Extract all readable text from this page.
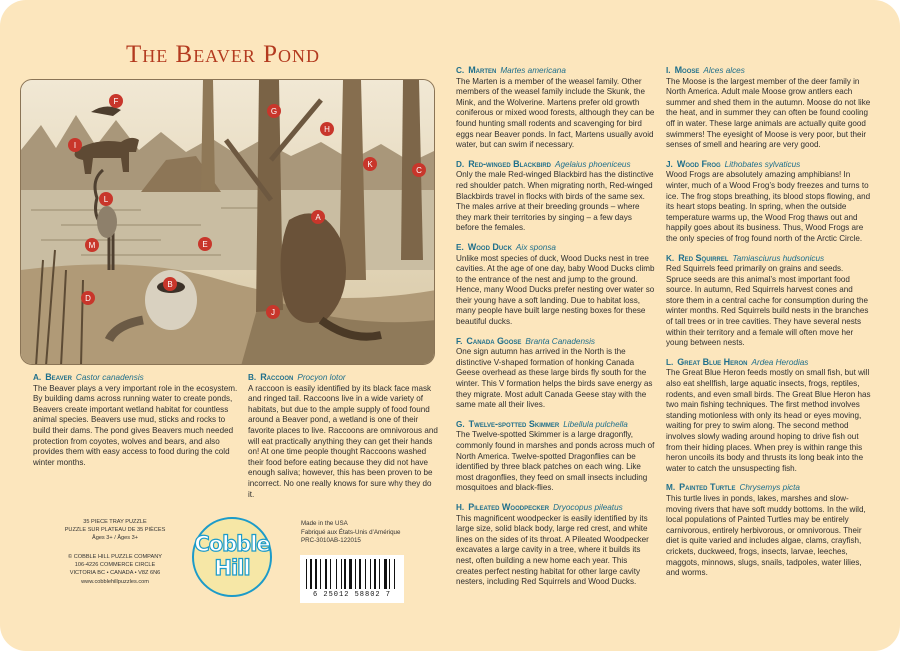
The Beaver Pond
A
B
C
D
E
F
G
H
I
J
K
L
M
A. Beaver Castor canadensis
The Beaver plays a very important role in the ecosystem. By building dams across running water to create ponds, Beavers create important wetland habitat for countless animal species. Beavers use mud, sticks and rocks to build their dams. The pond gives Beavers much needed protection from coyotes, wolves and bears, and also provides them with easy access to food during the cold winter months.
B. Raccoon Procyon lotor
A raccoon is easily identified by its black face mask and ringed tail. Raccoons live in a wide variety of habitats, but due to the ample supply of food found around a Beaver pond, a wetland is one of their favorite places to live. Raccoons are omnivorous and will eat practically anything they can get their hands on! At one time people thought Raccoons washed their food before eating because they did not have enough saliva; however, this has been proven to be incorrect. No one really knows for sure why they do it.
C. Marten Martes americana
The Marten is a member of the weasel family. Other members of the weasel family include the Skunk, the Mink, and the Wolverine. Martens prefer old growth coniferous or mixed wood forests, although they can be found hunting small rodents and scavenging for bird eggs near Beaver ponds. In fact, Martens usually avoid water, but can swim if necessary.
D. Red-winged Blackbird Agelaius phoeniceus
Only the male Red-winged Blackbird has the distinctive red shoulder patch. When migrating north, Red-winged Blackbirds travel in flocks with birds of the same sex. The males arrive at their breeding grounds – where they mark their territories by singing – a few days before the females.
E. Wood Duck Aix sponsa
Unlike most species of duck, Wood Ducks nest in tree cavities. At the age of one day, baby Wood Ducks climb to the entrance of the nest and jump to the ground. Hence, many Wood Ducks prefer nesting over water so their young have a soft landing. Due to habitat loss, many people have built large nesting boxes for these beautiful ducks.
F. Canada Goose Branta Canadensis
One sign autumn has arrived in the North is the distinctive V-shaped formation of honking Canada Geese overhead as these large birds fly south for the winter. This V formation helps the birds save energy as they migrate. Most adult Canada Geese stay with the same mate all their lives.
G. Twelve-spotted Skimmer Libellula pulchella
The Twelve-spotted Skimmer is a large dragonfly, commonly found in marshes and ponds across much of North America. Twelve-spotted Dragonflies can be identified by three black patches on each wing. Like most dragonflies, they feed on small insects including mosquitoes and black-flies.
H. Pileated Woodpecker Dryocopus pileatus
This magnificent woodpecker is easily identified by its large size, solid black body, large red crest, and white lines on the sides of its throat. A Pileated Woodpecker excavates a large cavity in a tree, where it builds its nest, often building a new home each year. This creates perfect nesting habitat for other large cavity nesters, including Red Squirrels and Wood Ducks.
I. Moose Alces alces
The Moose is the largest member of the deer family in North America. Adult male Moose grow antlers each summer and shed them in the autumn. Moose do not like the heat, and in summer they can often be found cooling off in water. These large animals are actually quite good swimmers! The eyesight of Moose is very poor, but their senses of smell and hearing are very good.
J. Wood Frog Lithobates sylvaticus
Wood Frogs are absolutely amazing amphibians! In winter, much of a Wood Frog’s body freezes and turns to ice. The frog stops breathing, its blood stops flowing, and its heart stops beating. In spring, when the outside temperature warms up, the Wood Frog thaws out and happily goes about its business. Thus, Wood Frogs are the only species of frog found north of the Arctic Circle.
K. Red Squirrel Tamiasciurus hudsonicus
Red Squirrels feed primarily on grains and seeds. Spruce seeds are this animal’s most important food source. In autumn, Red Squirrels harvest cones and store them in a central cache for consumption during the winter months. Red Squirrels build nests in the branches of tall trees or in tree cavities. They have several nests within their territory and a female will often move her young between nests.
L. Great Blue Heron Ardea Herodias
The Great Blue Heron feeds mostly on small fish, but will also eat shellfish, large aquatic insects, frogs, reptiles, rodents, and even small birds. The Great Blue Heron has two main fishing techniques. The first method involves standing motionless with only its head or eyes moving, waiting for prey to swim along. The second method involves slowly wading around hoping to drive fish out from their hiding places. When prey is within range this heron uncoils its body and thrusts its long beak into the water to catch the unsuspecting fish.
M. Painted Turtle Chrysemys picta
This turtle lives in ponds, lakes, marshes and slow-moving rivers that have soft muddy bottoms. In the wild, local populations of Painted Turtles may be entirely carnivorous, entirely herbivorous, or omnivorous. Their diet is quite varied and includes algae, clams, crayfish, crickets, duckweed, frogs, insects, larvae, leeches, maggots, minnows, slugs, snails, tadpoles, water lilies, and worms.
35 PIECE TRAY PUZZLE
PUZZLE SUR PLATEAU DE 35 PIÈCES
Âges 3+ / Âges 3+
© COBBLE HILL PUZZLE COMPANY
106-4226 COMMERCE CIRCLE
VICTORIA BC • CANADA • V8Z 6N6
www.cobblehillpuzzles.com
Cobble
Hill
Made in the USA
Fabriqué aux États-Unis d’Amérique
PRC-3010AB-122015
6 25012 58802 7
